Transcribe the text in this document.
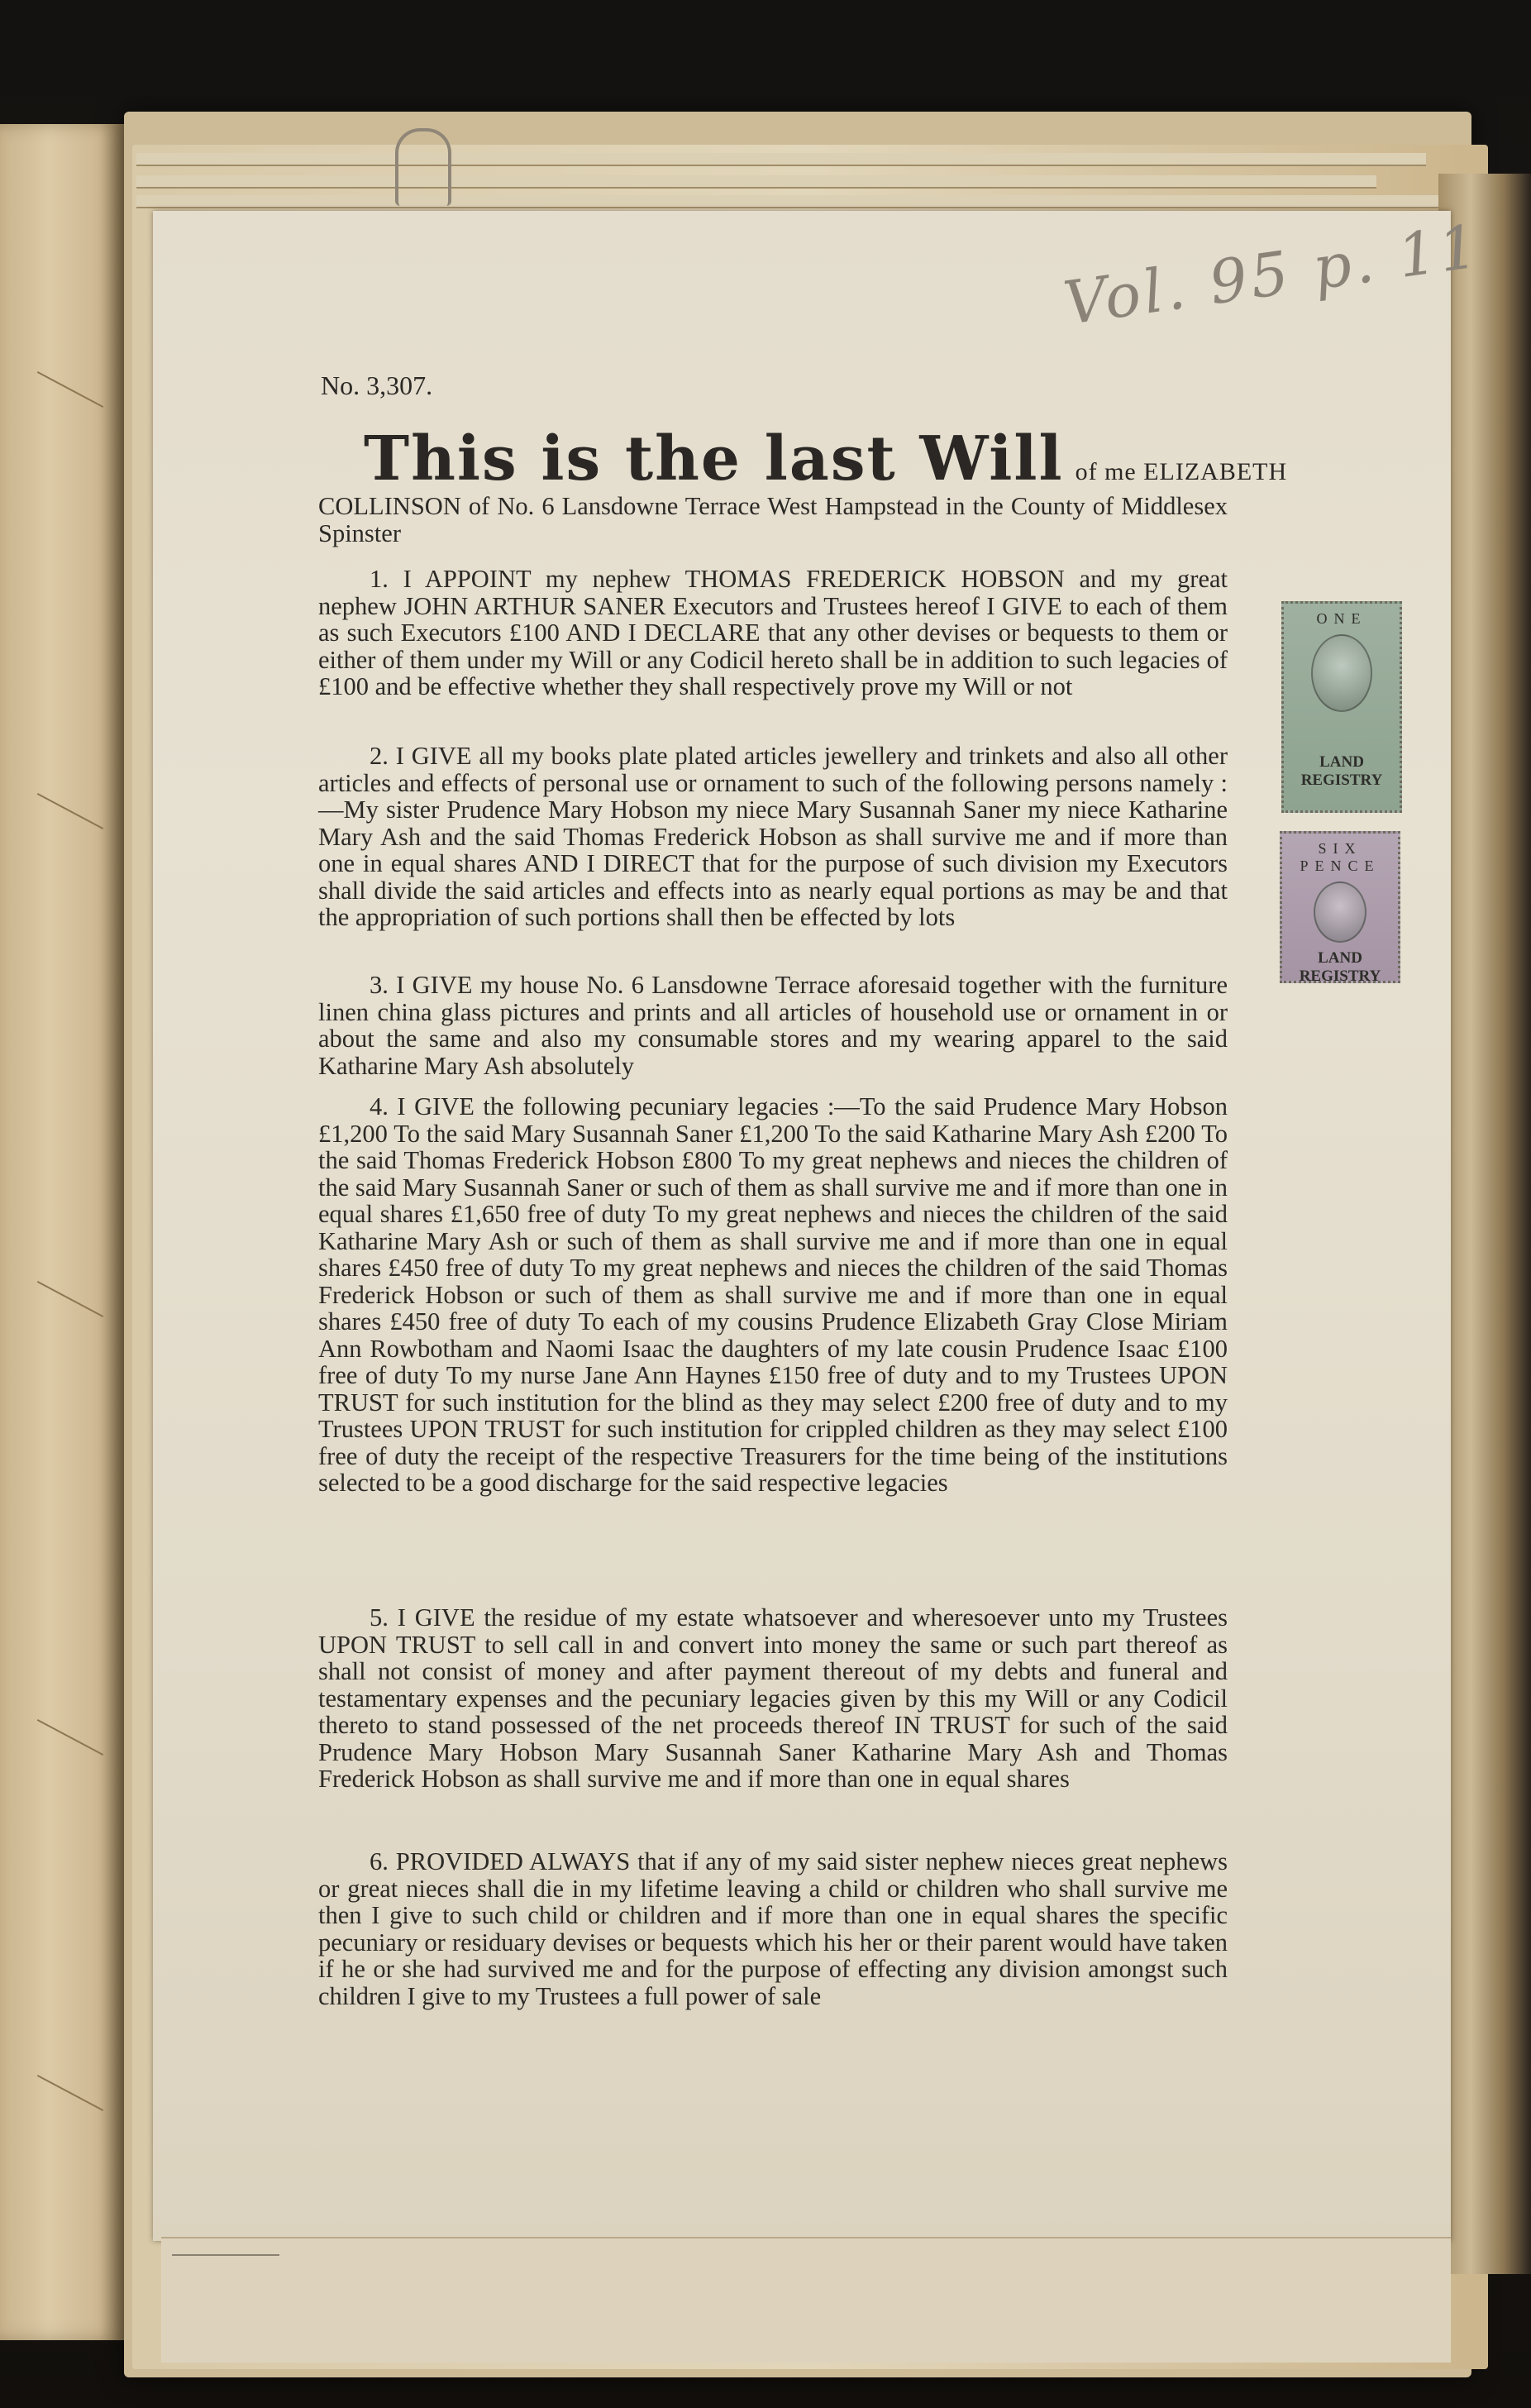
Vol. 95 p. 11
No. 3,307.
This is the last Will of me ELIZABETH

COLLINSON of No. 6 Lansdowne Terrace West Hampstead in the County of Middlesex Spinster

1. I APPOINT my nephew THOMAS FREDERICK HOBSON and my great nephew JOHN ARTHUR SANER Executors and Trustees hereof I GIVE to each of them as such Executors £100 AND I DECLARE that any other devises or bequests to them or either of them under my Will or any Codicil hereto shall be in addition to such legacies of £100 and be effective whether they shall respectively prove my Will or not

2. I GIVE all my books plate plated articles jewellery and trinkets and also all other articles and effects of personal use or ornament to such of the following persons namely :—My sister Prudence Mary Hobson my niece Mary Susannah Saner my niece Katharine Mary Ash and the said Thomas Frederick Hobson as shall survive me and if more than one in equal shares AND I DIRECT that for the purpose of such division my Executors shall divide the said articles and effects into as nearly equal portions as may be and that the appropriation of such portions shall then be effected by lots

3. I GIVE my house No. 6 Lansdowne Terrace aforesaid together with the furniture linen china glass pictures and prints and all articles of household use or ornament in or about the same and also my consumable stores and my wearing apparel to the said Katharine Mary Ash absolutely

4. I GIVE the following pecuniary legacies :—To the said Prudence Mary Hobson £1,200 To the said Mary Susannah Saner £1,200 To the said Katharine Mary Ash £200 To the said Thomas Frederick Hobson £800 To my great nephews and nieces the children of the said Mary Susannah Saner or such of them as shall survive me and if more than one in equal shares £1,650 free of duty To my great nephews and nieces the children of the said Katharine Mary Ash or such of them as shall survive me and if more than one in equal shares £450 free of duty To my great nephews and nieces the children of the said Thomas Frederick Hobson or such of them as shall survive me and if more than one in equal shares £450 free of duty To each of my cousins Prudence Elizabeth Gray Close Miriam Ann Rowbotham and Naomi Isaac the daughters of my late cousin Prudence Isaac £100 free of duty To my nurse Jane Ann Haynes £150 free of duty and to my Trustees UPON TRUST for such institution for the blind as they may select £200 free of duty and to my Trustees UPON TRUST for such institution for crippled children as they may select £100 free of duty the receipt of the respective Treasurers for the time being of the institutions selected to be a good discharge for the said respective legacies

5. I GIVE the residue of my estate whatsoever and wheresoever unto my Trustees UPON TRUST to sell call in and convert into money the same or such part thereof as shall not consist of money and after payment thereout of my debts and funeral and testamentary expenses and the pecuniary legacies given by this my Will or any Codicil thereto to stand possessed of the net proceeds thereof IN TRUST for such of the said Prudence Mary Hobson Mary Susannah Saner Katharine Mary Ash and Thomas Frederick Hobson as shall survive me and if more than one in equal shares

6. PROVIDED ALWAYS that if any of my said sister nephew nieces great nephews or great nieces shall die in my lifetime leaving a child or children who shall survive me then I give to such child or children and if more than one in equal shares the specific pecuniary or residuary devises or bequests which his her or their parent would have taken if he or she had survived me and for the purpose of effecting any division amongst such children I give to my Trustees a full power of sale

ONE
LAND REGISTRY
SIX PENCE
LAND REGISTRY
